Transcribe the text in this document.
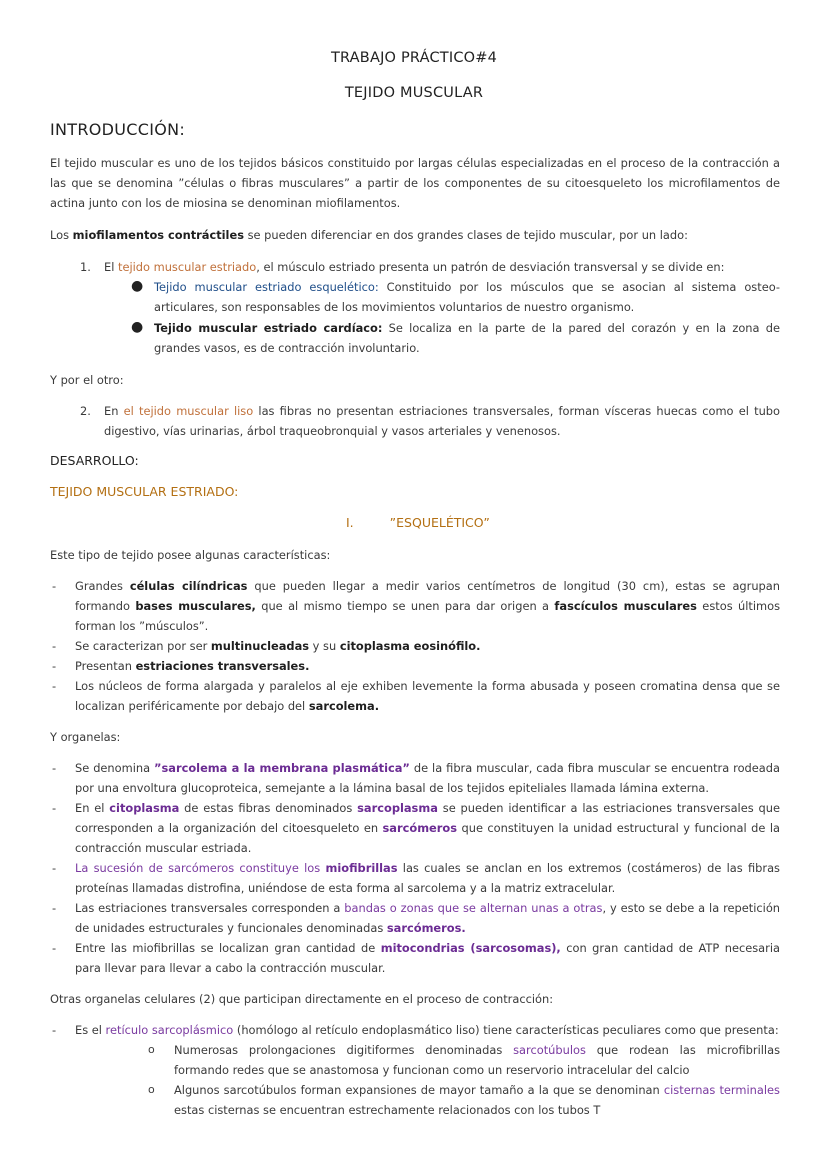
TRABAJO PRÁCTICO#4
TEJIDO MUSCULAR
INTRODUCCIÓN:
El tejido muscular es uno de los tejidos básicos constituido por largas células especializadas en el proceso de la contracción a las que se denomina ”células o fibras musculares” a partir de los componentes de su citoesqueleto los microfilamentos de actina junto con los de miosina se denominan miofilamentos.
Los miofilamentos contráctiles se pueden diferenciar en dos grandes clases de tejido muscular, por un lado:
1. El tejido muscular estriado, el músculo estriado presenta un patrón de desviación transversal y se divide en:
● Tejido muscular estriado esquelético: Constituido por los músculos que se asocian al sistema osteo-articulares, son responsables de los movimientos voluntarios de nuestro organismo.
● Tejido muscular estriado cardíaco: Se localiza en la parte de la pared del corazón y en la zona de grandes vasos, es de contracción involuntario.
Y por el otro:
2. En el tejido muscular liso las fibras no presentan estriaciones transversales, forman vísceras huecas como el tubo digestivo, vías urinarias, árbol traqueobronquial y vasos arteriales y venenosos.
DESARROLLO:
TEJIDO MUSCULAR ESTRIADO:
I.	”ESQUELÉTICO”
Este tipo de tejido posee algunas características:
- Grandes células cilíndricas que pueden llegar a medir varios centímetros de longitud (30 cm), estas se agrupan formando bases musculares, que al mismo tiempo se unen para dar origen a fascículos musculares estos últimos forman los ”músculos”.
- Se caracterizan por ser multinucleadas y su citoplasma eosinófilo.
- Presentan estriaciones transversales.
- Los núcleos de forma alargada y paralelos al eje exhiben levemente la forma abusada y poseen cromatina densa que se localizan periféricamente por debajo del sarcolema.
Y organelas:
- Se denomina ”sarcolema a la membrana plasmática” de la fibra muscular, cada fibra muscular se encuentra rodeada por una envoltura glucoproteica, semejante a la lámina basal de los tejidos epiteliales llamada lámina externa.
- En el citoplasma de estas fibras denominados sarcoplasma se pueden identificar a las estriaciones transversales que corresponden a la organización del citoesqueleto en sarcómeros que constituyen la unidad estructural y funcional de la contracción muscular estriada.
- La sucesión de sarcómeros constituye los miofibrillas las cuales se anclan en los extremos (costámeros) de las fibras proteínas llamadas distrofina, uniéndose de esta forma al sarcolema y a la matriz extracelular.
- Las estriaciones transversales corresponden a bandas o zonas que se alternan unas a otras, y esto se debe a la repetición de unidades estructurales y funcionales denominadas sarcómeros.
- Entre las miofibrillas se localizan gran cantidad de mitocondrias (sarcosomas), con gran cantidad de ATP necesaria para llevar para llevar a cabo la contracción muscular.
Otras organelas celulares (2) que participan directamente en el proceso de contracción:
- Es el retículo sarcoplásmico (homólogo al retículo endoplasmático liso) tiene características peculiares como que presenta:
o Numerosas prolongaciones digitiformes denominadas sarcotúbulos que rodean las microfibrillas formando redes que se anastomosa y funcionan como un reservorio intracelular del calcio
o Algunos sarcotúbulos forman expansiones de mayor tamaño a la que se denominan cisternas terminales estas cisternas se encuentran estrechamente relacionados con los tubos T
